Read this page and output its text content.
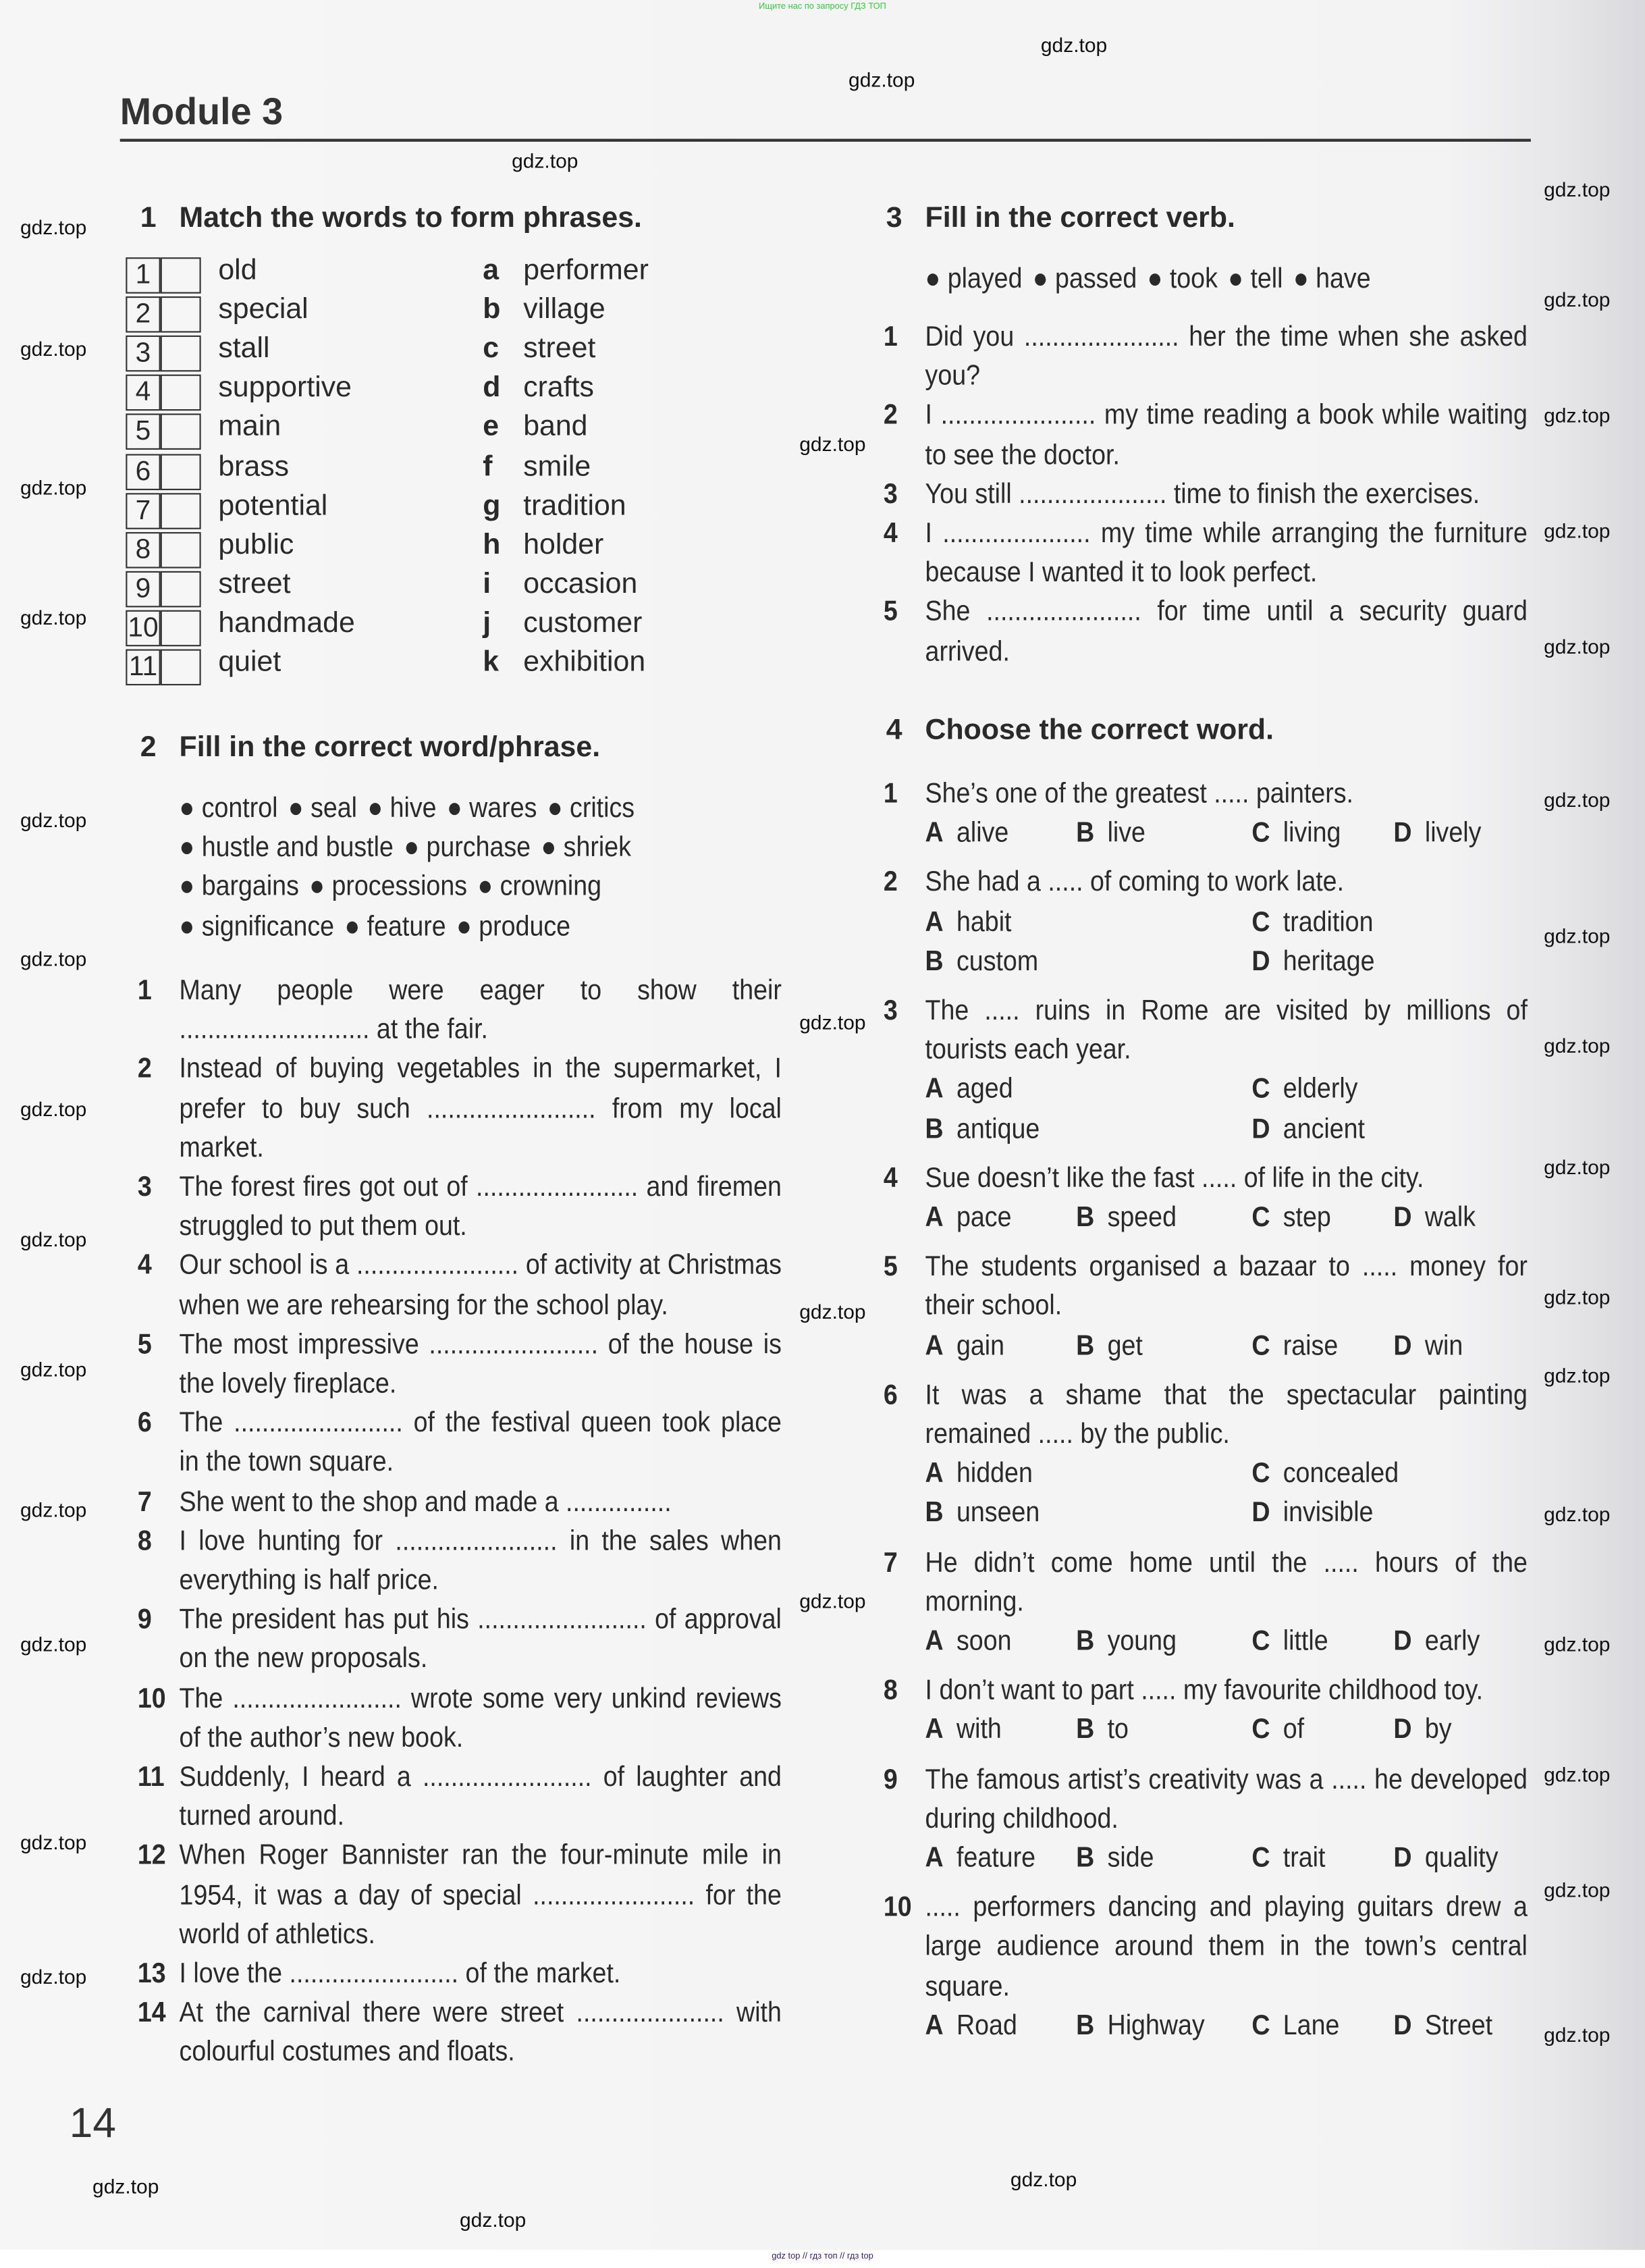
Ищите нас по запросу ГДЗ ТОП
Module 3
1 Match the words to form phrases.
1	old	a performer
2	special	b village
3	stall	c street
4	supportive	d crafts
5	main	e band
6	brass	f smile
7	potential	g tradition
8	public	h holder
9	street	i occasion
10	handmade	j customer
11	quiet	k exhibition
2 Fill in the correct word/phrase.
● control ● seal ● hive ● wares ● critics
● hustle and bustle ● purchase ● shriek
● bargains ● processions ● crowning
● significance ● feature ● produce
1	Many people were eager to show their ........................... at the fair.
2	Instead of buying vegetables in the supermarket, I prefer to buy such ........................ from my local market.
3	The forest fires got out of ....................... and firemen struggled to put them out.
4	Our school is a ....................... of activity at Christmas when we are rehearsing for the school play.
5	The most impressive ........................ of the house is the lovely fireplace.
6	The ........................ of the festival queen took place in the town square.
7	She went to the shop and made a ...............
8	I love hunting for ....................... in the sales when everything is half price.
9	The president has put his ........................ of approval on the new proposals.
10	The ........................ wrote some very unkind reviews of the author’s new book.
11	Suddenly, I heard a ........................ of laughter and turned around.
12	When Roger Bannister ran the four-minute mile in 1954, it was a day of special ....................... for the world of athletics.
13	I love the ........................ of the market.
14	At the carnival there were street ..................... with colourful costumes and floats.
3 Fill in the correct verb.
● played ● passed ● took ● tell ● have
1	Did you ...................... her the time when she asked you?
2	I ...................... my time reading a book while waiting to see the doctor.
3	You still ..................... time to finish the exercises.
4	I ..................... my time while arranging the furniture because I wanted it to look perfect.
5	She ...................... for time until a security guard arrived.
4 Choose the correct word.
1	She’s one of the greatest ..... painters.
A alive	B live	C living	D lively
2	She had a ..... of coming to work late.
A habit
B custom
C tradition
D heritage
3	The ..... ruins in Rome are visited by millions of tourists each year.
A aged
B antique
C elderly
D ancient
4	Sue doesn’t like the fast ..... of life in the city.
A pace	B speed	C step	D walk
5	The students organised a bazaar to ..... money for their school.
A gain	B get	C raise	D win
6	It was a shame that the spectacular painting remained ..... by the public.
A hidden
B unseen
C concealed
D invisible
7	He didn’t come home until the ..... hours of the morning.
A soon	B young	C little	D early
8	I don’t want to part ..... my favourite childhood toy.
A with	B to	C of	D by
9	The famous artist’s creativity was a ..... he developed during childhood.
A feature	B side	C trait	D quality
10	..... performers dancing and playing guitars drew a large audience around them in the town’s central square.
A Road	B Highway	C Lane	D Street
14
gdz top // гдз топ // гдз top
gdz.top
gdz.top
gdz.top
gdz.top
gdz.top
gdz.top
gdz.top
gdz.top
gdz.top
gdz.top
gdz.top
gdz.top
gdz.top
gdz.top
gdz.top
gdz.top
gdz.top
gdz.top
gdz.top
gdz.top
gdz.top
gdz.top
gdz.top
gdz.top
gdz.top
gdz.top
gdz.top
gdz.top
gdz.top
gdz.top
gdz.top
gdz.top
gdz.top
gdz.top
gdz.top
gdz.top
gdz.top
gdz.top
gdz.top
